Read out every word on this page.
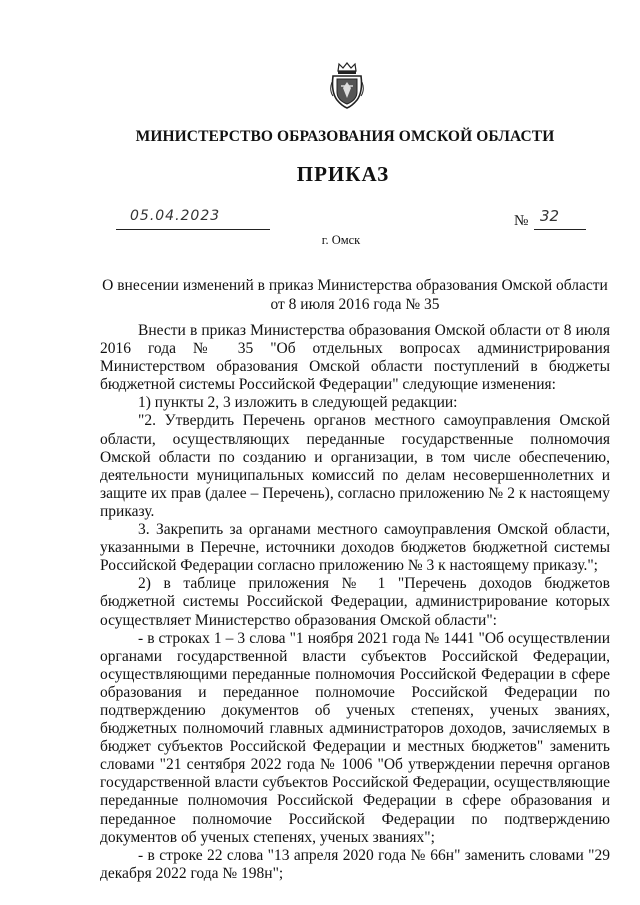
МИНИСТЕРСТВО ОБРАЗОВАНИЯ ОМСКОЙ ОБЛАСТИ
ПРИКАЗ
05.04.2023	№ 32
г. Омск
О внесении изменений в приказ Министерства образования Омской области
от 8 июля 2016 года № 35

Внести в приказ Министерства образования Омской области от 8 июля 2016 года № 35 "Об отдельных вопросах администрирования Министерством образования Омской области поступлений в бюджеты бюджетной системы Российской Федерации" следующие изменения:

1) пункты 2, 3 изложить в следующей редакции:

"2. Утвердить Перечень органов местного самоуправления Омской области, осуществляющих переданные государственные полномочия Омской области по созданию и организации, в том числе обеспечению, деятельности муниципальных комиссий по делам несовершеннолетних и защите их прав (далее – Перечень), согласно приложению № 2 к настоящему приказу.

3. Закрепить за органами местного самоуправления Омской области, указанными в Перечне, источники доходов бюджетов бюджетной системы Российской Федерации согласно приложению № 3 к настоящему приказу.";

2) в таблице приложения № 1 "Перечень доходов бюджетов бюджетной системы Российской Федерации, администрирование которых осуществляет Министерство образования Омской области":

- в строках 1 – 3 слова "1 ноября 2021 года № 1441 "Об осуществлении органами государственной власти субъектов Российской Федерации, осуществляющими переданные полномочия Российской Федерации в сфере образования и переданное полномочие Российской Федерации по подтверждению документов об ученых степенях, ученых званиях, бюджетных полномочий главных администраторов доходов, зачисляемых в бюджет субъектов Российской Федерации и местных бюджетов" заменить словами "21 сентября 2022 года № 1006 "Об утверждении перечня органов государственной власти субъектов Российской Федерации, осуществляющие переданные полномочия Российской Федерации в сфере образования и переданное полномочие Российской Федерации по подтверждению документов об ученых степенях, ученых званиях";

- в строке 22 слова "13 апреля 2020 года № 66н" заменить словами "29 декабря 2022 года № 198н";
